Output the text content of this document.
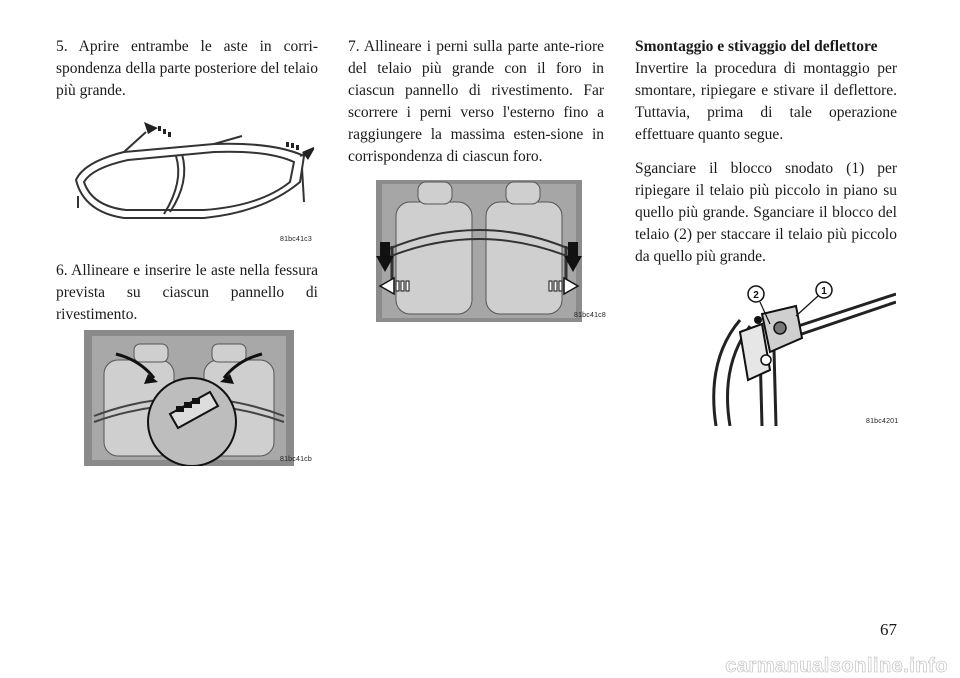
5. Aprire entrambe le aste in corri-spondenza della parte posteriore del telaio più grande.

81bc41c3

6. Allineare e inserire le aste nella fessura prevista su ciascun pannello di rivestimento.

81bc41cb

7. Allineare i perni sulla parte ante-riore del telaio più grande con il foro in ciascun pannello di rivestimento. Far scorrere i perni verso l'esterno fino a raggiungere la massima esten-sione in corrispondenza di ciascun foro.

81bc41c8

Smontaggio e stivaggio del deflettore

Invertire la procedura di montaggio per smontare, ripiegare e stivare il deflettore. Tuttavia, prima di tale operazione effettuare quanto segue.

Sganciare il blocco snodato (1) per ripiegare il telaio più piccolo in piano su quello più grande. Sganciare il blocco del telaio (2) per staccare il telaio più piccolo da quello più grande.

2	1
81bc4201
67
carmanualsonline.info
